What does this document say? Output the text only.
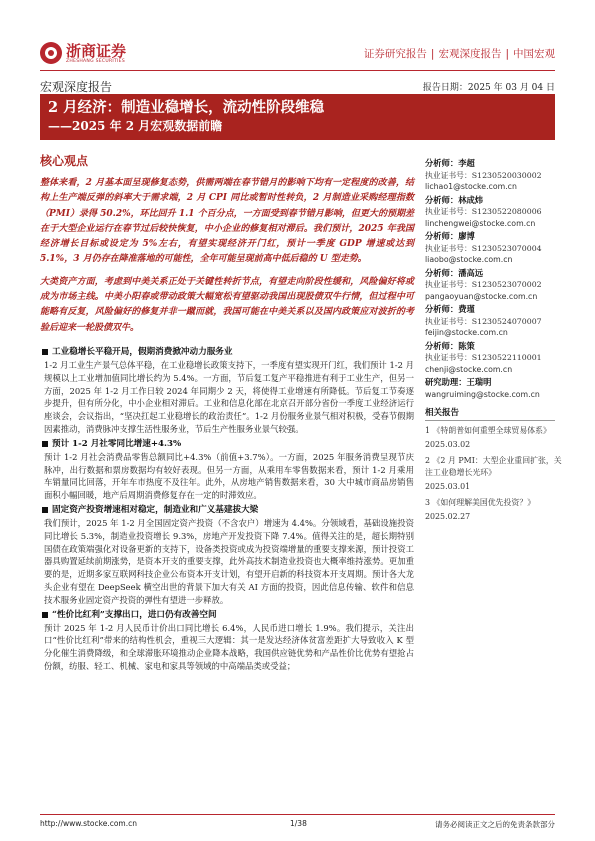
浙商证券
ZHESHANG SECURITIES
证券研究报告 | 宏观深度报告 | 中国宏观
宏观深度报告	报告日期：2025 年 03 月 04 日
2 月经济：制造业稳增长，流动性阶段维稳
——2025 年 2 月宏观数据前瞻
核心观点

整体来看，2 月基本面呈现修复态势，供需两端在春节错月的影响下均有一定程度的改善，结构上生产端反弹的斜率大于需求端，2 月 CPI 同比或暂时性转负，2 月制造业采购经理指数（PMI）录得 50.2%，环比回升 1.1 个百分点，一方面受到春节错月影响，但更大的预期差在于大型企业运行在春节过后较快恢复，中小企业的修复相对滞后。我们预计，2025 年我国经济增长目标或设定为 5%左右，有望实现经济开门红，预计一季度 GDP 增速或达到 5.1%，3 月仍存在降准落地的可能性，全年可能呈现前高中低后稳的 U 型走势。

大类资产方面，考虑到中美关系正处于关键性转折节点，有望走向阶段性缓和，风险偏好将或成为市场主线。中美小阳春或带动政策大幅宽松有望驱动我国出现股债双牛行情，但过程中可能略有反复，风险偏好的修复并非一蹴而就，我国可能在中美关系以及国内政策应对波折的考验后迎来一轮股债双牛。

工业稳增长平稳开局，假期消费掀冲动力服务业

1-2 月工业生产景气总体平稳，在工业稳增长政策支持下，一季度有望实现开门红，我们预计 1-2 月规模以上工业增加值同比增长约为 5.4%。一方面，节后复工复产平稳推进有利于工业生产，但另一方面，2025 年 1-2 月工作日较 2024 年同期少 2 天，将使得工业增速有所降低。节后复工节奏逐步提升，但有所分化，中小企业相对滞后。工业和信息化部在北京召开部分省份一季度工业经济运行座谈会，会议指出，“坚决扛起工业稳增长的政治责任”。1-2 月份服务业景气相对积极，受春节假期因素推动，消费脉冲支撑生活性服务业，节后生产性服务业景气较强。

预计 1-2 月社零同比增速+4.3%

预计 1-2 月社会消费品零售总额同比+4.3%（前值+3.7%）。一方面，2025 年服务消费呈现节庆脉冲，出行数据和票房数据均有较好表现。但另一方面，从乘用车零售数据来看，预计 1-2 月乘用车销量同比回落，开年车市热度不及往年。此外，从房地产销售数据来看，30 大中城市商品房销售面积小幅回暖，地产后周期消费修复存在一定的时滞效应。

固定资产投资增速相对稳定，制造业和广义基建拔大梁

我们预计，2025 年 1-2 月全国固定资产投资（不含农户）增速为 4.4%。分领域看，基础设施投资同比增长 5.3%，制造业投资增长 9.3%，房地产开发投资下降 7.4%。值得关注的是，超长期特别国债在政策端强化对设备更新的支持下，设备类投资或成为投资端增量的重要支撑来源，预计投资工器具购置延续前期涨势，是资本开支的重要支撑，此外高技术制造业投资也大概率维持涨势。更加重要的是，近期多家互联网科技企业公布资本开支计划，有望开启新的科技资本开支周期。预计各大龙头企业有望在 DeepSeek 横空出世的背景下加大有关 AI 方面的投资，因此信息传输、软件和信息技术服务业固定资产投资的弹性有望进一步释放。

“性价比红利”支撑出口，进口仍有改善空间

预计 2025 年 1-2 月人民币计价出口同比增长 6.4%，人民币进口增长 1.9%。我们提示，关注出口“性价比红利”带来的结构性机会，重视三大逻辑：其一是发达经济体贫富差距扩大导致收入 K 型分化催生消费降级，和全球滞胀环境推动企业降本战略，我国供应链优势和产品性价比优势有望抢占份额，纺服、轻工、机械、家电和家具等领域的中高端品类或受益；

分析师：李超
执业证书号：S1230520030002
lichao1@stocke.com.cn
分析师：林成炜
执业证书号：S1230522080006
linchengwei@stocke.com.cn
分析师：廖博
执业证书号：S1230523070004
liaobo@stocke.com.cn
分析师：潘高远
执业证书号：S1230523070002
pangaoyuan@stocke.com.cn
分析师：费瑾
执业证书号：S1230524070007
feijin@stocke.com.cn
分析师：陈策
执业证书号：S1230522110001
chenji@stocke.com.cn
研究助理：王瑞明
wangruiming@stocke.com.cn
相关报告
1 《特朗普如何重塑全球贸易体系》
2025.03.02
2 《2 月 PMI：大型企业重回扩张，关注工业稳增长光环》
2025.03.01
3 《如何理解美国优先投资？》
2025.02.27
http://www.stocke.com.cn	1/38	请务必阅读正文之后的免责条款部分
